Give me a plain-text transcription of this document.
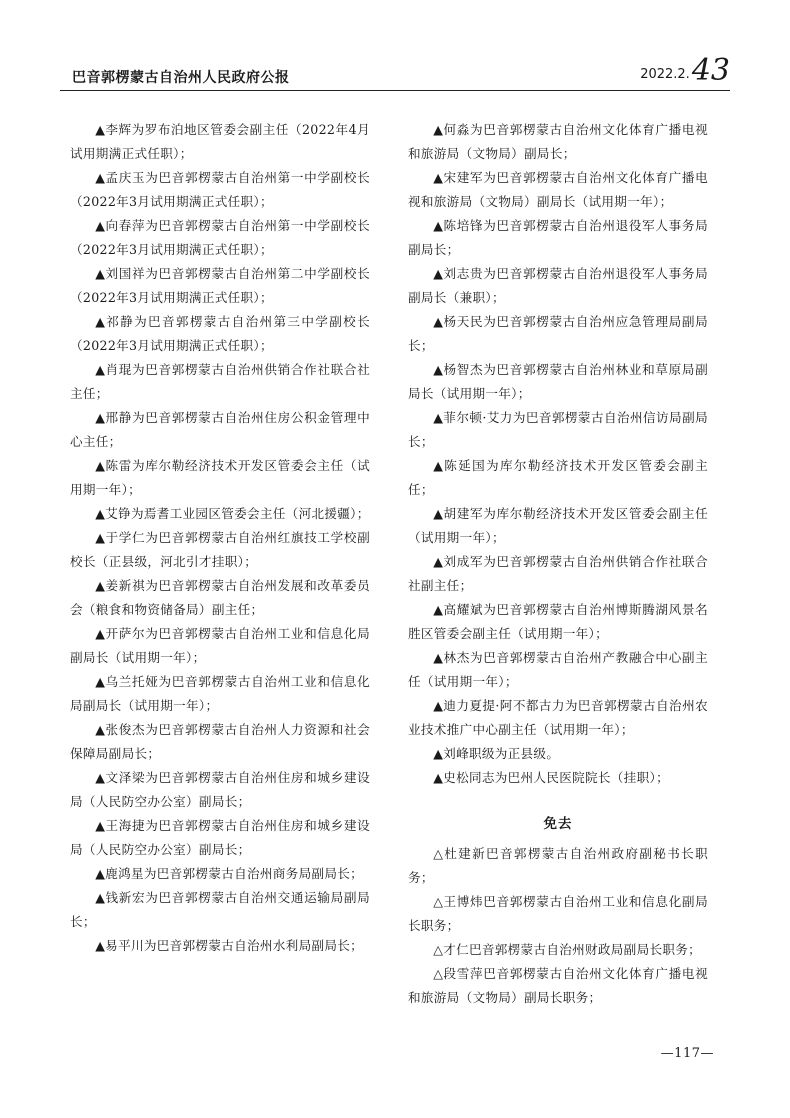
巴音郭楞蒙古自治州人民政府公报	2022.2.43

▲李辉为罗布泊地区管委会副主任（2022年4月试用期满正式任职）；

▲孟庆玉为巴音郭楞蒙古自治州第一中学副校长（2022年3月试用期满正式任职）；

▲向春萍为巴音郭楞蒙古自治州第一中学副校长（2022年3月试用期满正式任职）；

▲刘国祥为巴音郭楞蒙古自治州第二中学副校长（2022年3月试用期满正式任职）；

▲祁静为巴音郭楞蒙古自治州第三中学副校长（2022年3月试用期满正式任职）；

▲肖琨为巴音郭楞蒙古自治州供销合作社联合社主任；

▲邢静为巴音郭楞蒙古自治州住房公积金管理中心主任；

▲陈雷为库尔勒经济技术开发区管委会主任（试用期一年）；

▲艾铮为焉耆工业园区管委会主任（河北援疆）；

▲于学仁为巴音郭楞蒙古自治州红旗技工学校副校长（正县级，河北引才挂职）；

▲姜新祺为巴音郭楞蒙古自治州发展和改革委员会（粮食和物资储备局）副主任；

▲开萨尔为巴音郭楞蒙古自治州工业和信息化局副局长（试用期一年）；

▲乌兰托娅为巴音郭楞蒙古自治州工业和信息化局副局长（试用期一年）；

▲张俊杰为巴音郭楞蒙古自治州人力资源和社会保障局副局长；

▲文泽梁为巴音郭楞蒙古自治州住房和城乡建设局（人民防空办公室）副局长；

▲王海捷为巴音郭楞蒙古自治州住房和城乡建设局（人民防空办公室）副局长；

▲鹿鸿星为巴音郭楞蒙古自治州商务局副局长；

▲钱新宏为巴音郭楞蒙古自治州交通运输局副局长；

▲易平川为巴音郭楞蒙古自治州水利局副局长；

▲何淼为巴音郭楞蒙古自治州文化体育广播电视和旅游局（文物局）副局长；

▲宋建军为巴音郭楞蒙古自治州文化体育广播电视和旅游局（文物局）副局长（试用期一年）；

▲陈培锋为巴音郭楞蒙古自治州退役军人事务局副局长；

▲刘志贵为巴音郭楞蒙古自治州退役军人事务局副局长（兼职）；

▲杨天民为巴音郭楞蒙古自治州应急管理局副局长；

▲杨智杰为巴音郭楞蒙古自治州林业和草原局副局长（试用期一年）；

▲菲尔顿·艾力为巴音郭楞蒙古自治州信访局副局长；

▲陈延国为库尔勒经济技术开发区管委会副主任；

▲胡建军为库尔勒经济技术开发区管委会副主任（试用期一年）；

▲刘成军为巴音郭楞蒙古自治州供销合作社联合社副主任；

▲高耀斌为巴音郭楞蒙古自治州博斯腾湖风景名胜区管委会副主任（试用期一年）；

▲林杰为巴音郭楞蒙古自治州产教融合中心副主任（试用期一年）；

▲迪力夏提·阿不都古力为巴音郭楞蒙古自治州农业技术推广中心副主任（试用期一年）；

▲刘峰职级为正县级。

▲史松同志为巴州人民医院院长（挂职）；

免去

△杜建新巴音郭楞蒙古自治州政府副秘书长职务；

△王博炜巴音郭楞蒙古自治州工业和信息化副局长职务；

△才仁巴音郭楞蒙古自治州财政局副局长职务；

△段雪萍巴音郭楞蒙古自治州文化体育广播电视和旅游局（文物局）副局长职务；

—117—
